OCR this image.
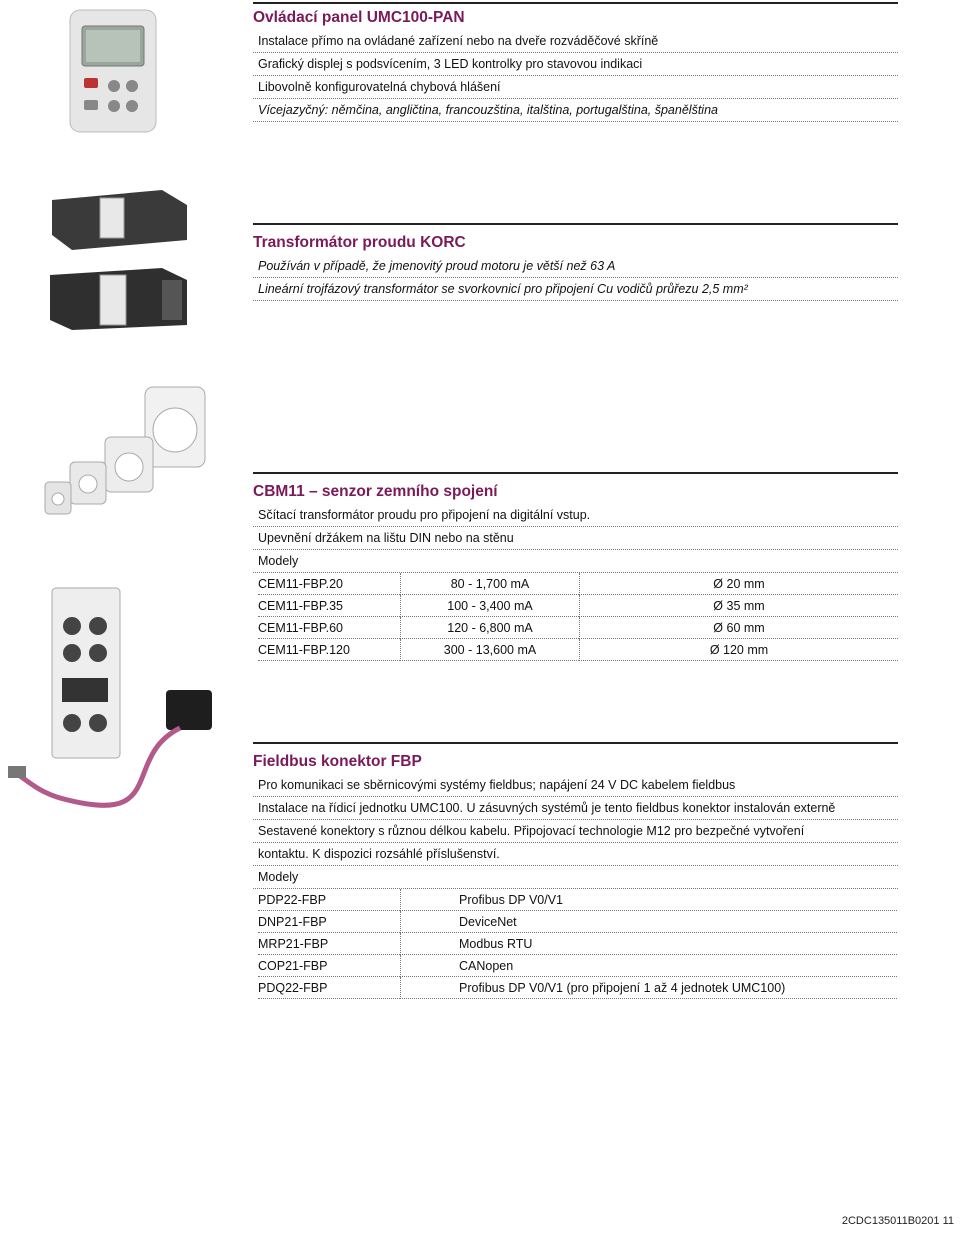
Ovládací panel UMC100-PAN
Instalace přímo na ovládané zařízení nebo na dveře rozváděčové skříně
Grafický displej s podsvícením, 3 LED kontrolky pro stavovou indikaci
Libovolně konfigurovatelná chybová hlášení
Vícejazyčný: němčina, angličtina, francouzština, italština, portugalština, španělština
Transformátor proudu KORC
Používán v případě, že jmenovitý proud motoru je větší než 63 A
Lineární trojfázový transformátor se svorkovnicí pro připojení Cu vodičů průřezu 2,5 mm²
CBM11 – senzor zemního spojení
Sčítací transformátor proudu pro připojení na digitální vstup.
Upevnění držákem na lištu DIN nebo na stěnu
Modely
CEM11-FBP.20	80 - 1,700 mA	Ø 20 mm
CEM11-FBP.35	100 - 3,400 mA	Ø 35 mm
CEM11-FBP.60	120 - 6,800 mA	Ø 60 mm
CEM11-FBP.120	300 - 13,600 mA	Ø 120 mm
Fieldbus konektor FBP
Pro komunikaci se sběrnicovými systémy fieldbus; napájení 24 V DC kabelem fieldbus
Instalace na řídicí jednotku UMC100. U zásuvných systémů je tento fieldbus konektor instalován externě
Sestavené konektory s různou délkou kabelu. Připojovací technologie M12 pro bezpečné vytvoření
kontaktu. K dispozici rozsáhlé příslušenství.
Modely
PDP22-FBP	Profibus DP V0/V1
DNP21-FBP	DeviceNet
MRP21-FBP	Modbus RTU
COP21-FBP	CANopen
PDQ22-FBP	Profibus DP V0/V1 (pro připojení 1 až 4 jednotek UMC100)
2CDC135011B0201 11
